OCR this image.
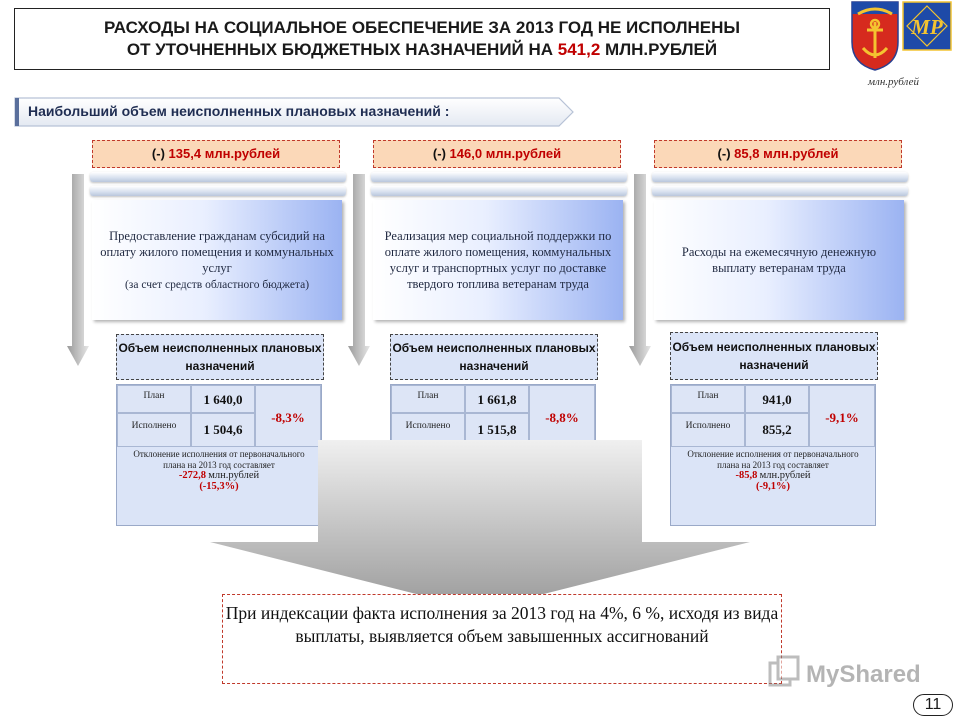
РАСХОДЫ НА СОЦИАЛЬНОЕ ОБЕСПЕЧЕНИЕ ЗА 2013 ГОД НЕ ИСПОЛНЕНЫ
ОТ УТОЧНЕННЫХ БЮДЖЕТНЫХ НАЗНАЧЕНИЙ НА 541,2 МЛН.РУБЛЕЙ
МР
млн.рублей
Наибольший объем неисполненных плановых назначений :
(-) 135,4 млн.рублей
Предоставление гражданам субсидий на оплату жилого помещения и коммунальных услуг
(за счет средств областного бюджета)
Объем неисполненных плановых назначений
План	1 640,0
Исполнено	1 504,6
-8,3%
Отклонение исполнения от первоначального плана на 2013 год составляет
-272,8 млн.рублей
(-15,3%)
(-) 146,0 млн.рублей
Реализация мер социальной поддержки по оплате жилого помещения, коммунальных услуг и транспортных услуг по доставке твердого топлива ветеранам труда
Объем неисполненных плановых назначений
План	1 661,8
Исполнено	1 515,8
-8,8%
(-) 85,8 млн.рублей
Расходы на ежемесячную денежную выплату ветеранам труда
Объем неисполненных плановых назначений
План	941,0
Исполнено	855,2
-9,1%
Отклонение исполнения от первоначального плана на 2013 год составляет
-85,8 млн.рублей
(-9,1%)
При индексации факта исполнения за 2013 год на 4%, 6 %, исходя из вида выплаты, выявляется объем завышенных ассигнований
MyShared
11
